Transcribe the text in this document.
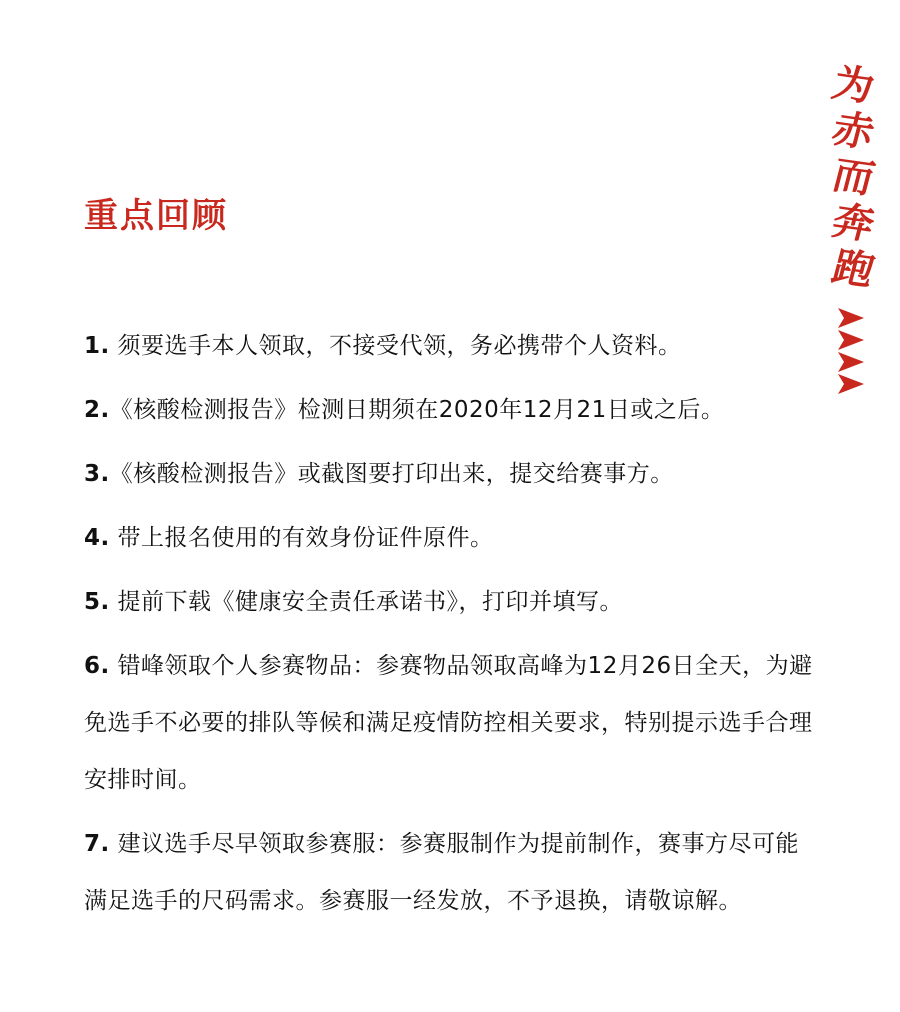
重点回顾
为赤而奔跑
1. 须要选手本人领取，不接受代领，务必携带个人资料。
2.《核酸检测报告》检测日期须在2020年12月21日或之后。
3.《核酸检测报告》或截图要打印出来，提交给赛事方。
4. 带上报名使用的有效身份证件原件。
5. 提前下载《健康安全责任承诺书》，打印并填写。
6. 错峰领取个人参赛物品：参赛物品领取高峰为12月26日全天，为避免选手不必要的排队等候和满足疫情防控相关要求，特别提示选手合理安排时间。
7. 建议选手尽早领取参赛服：参赛服制作为提前制作，赛事方尽可能满足选手的尺码需求。参赛服一经发放，不予退换，请敬谅解。
